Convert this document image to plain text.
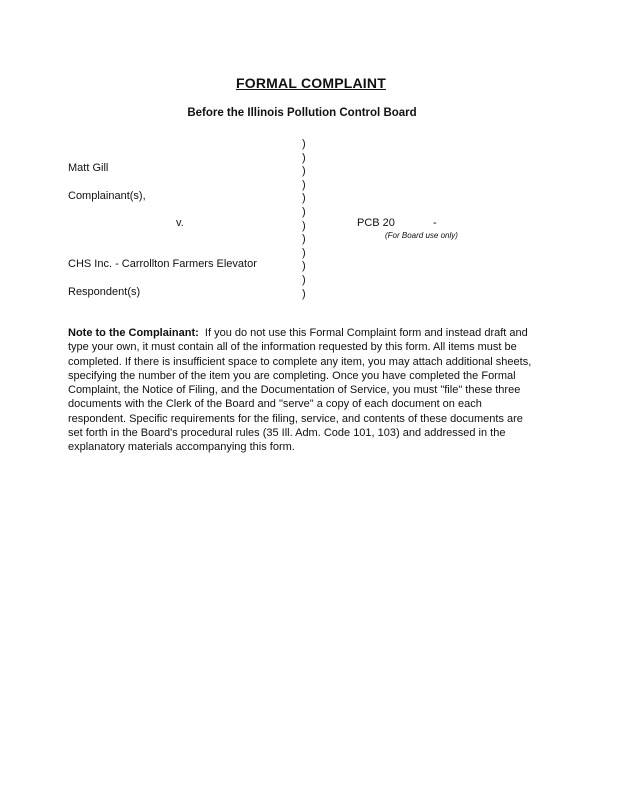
FORMAL COMPLAINT
Before the Illinois Pollution Control Board
)
)
)
)
)
)
)
)
)
)
)
)
Matt Gill
Complainant(s),
v.
CHS Inc. - Carrollton Farmers Elevator
Respondent(s)
PCB 20	-
(For Board use only)
Note to the Complainant: If you do not use this Formal Complaint form and instead draft and type your own, it must contain all of the information requested by this form. All items must be completed. If there is insufficient space to complete any item, you may attach additional sheets, specifying the number of the item you are completing. Once you have completed the Formal Complaint, the Notice of Filing, and the Documentation of Service, you must "file" these three documents with the Clerk of the Board and "serve" a copy of each document on each respondent. Specific requirements for the filing, service, and contents of these documents are set forth in the Board's procedural rules (35 Ill. Adm. Code 101, 103) and addressed in the explanatory materials accompanying this form.
